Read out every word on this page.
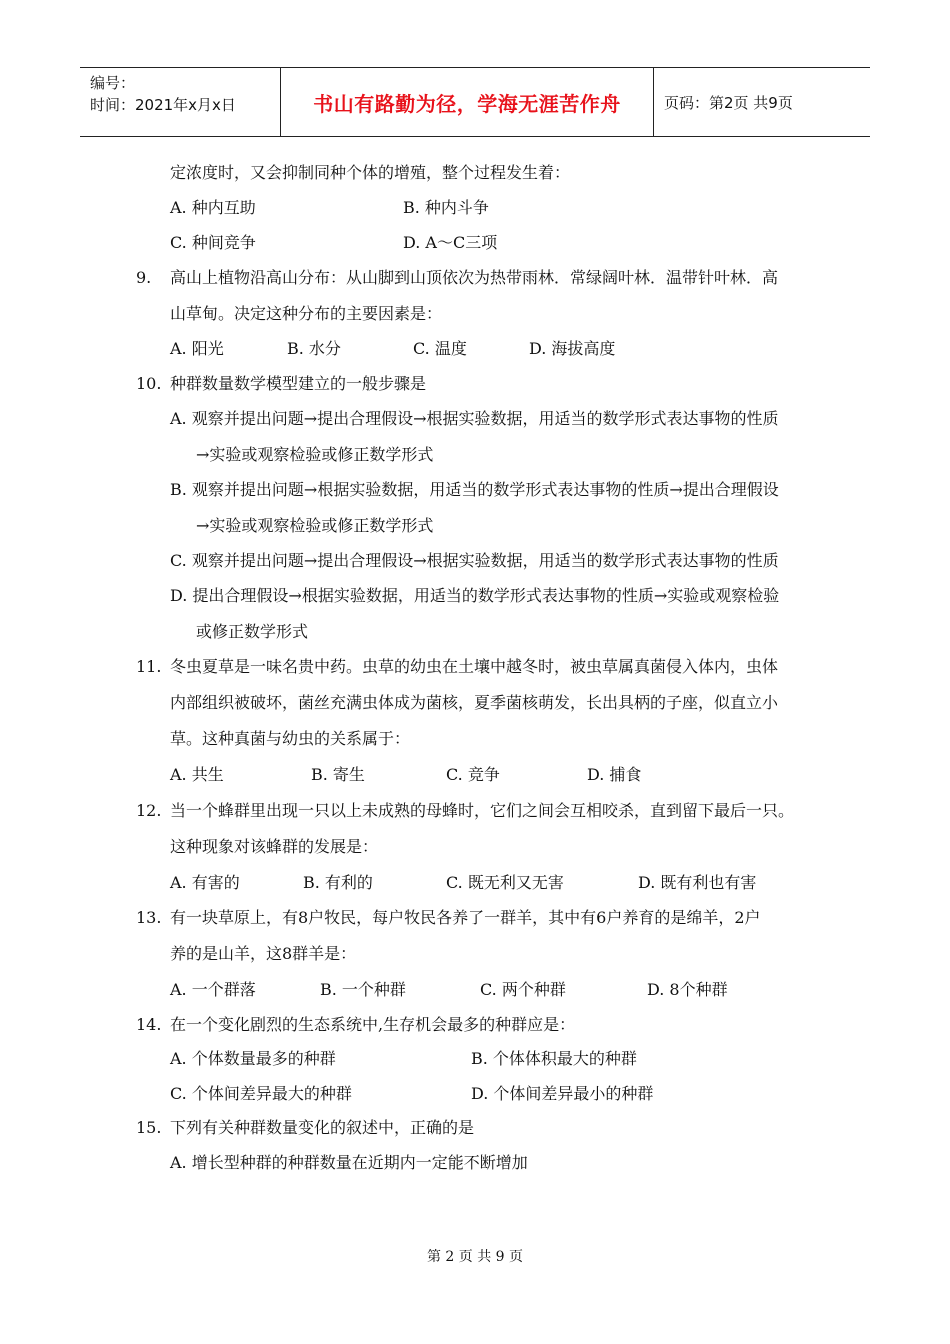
编号：
时间：2021年x月x日	书山有路勤为径，学海无涯苦作舟	页码：第2页 共9页
定浓度时，又会抑制同种个体的增殖，整个过程发生着：
A. 种内互助	B. 种内斗争
C. 种间竞争	D. A～C三项
9. 高山上植物沿高山分布：从山脚到山顶依次为热带雨林．常绿阔叶林．温带针叶林．高
山草甸。决定这种分布的主要因素是：
A. 阳光	B. 水分	C. 温度	D. 海拔高度
10. 种群数量数学模型建立的一般步骤是
A. 观察并提出问题→提出合理假设→根据实验数据，用适当的数学形式表达事物的性质
→实验或观察检验或修正数学形式
B. 观察并提出问题→根据实验数据，用适当的数学形式表达事物的性质→提出合理假设
→实验或观察检验或修正数学形式
C. 观察并提出问题→提出合理假设→根据实验数据，用适当的数学形式表达事物的性质
D. 提出合理假设→根据实验数据，用适当的数学形式表达事物的性质→实验或观察检验
或修正数学形式
11. 冬虫夏草是一味名贵中药。虫草的幼虫在土壤中越冬时，被虫草属真菌侵入体内，虫体
内部组织被破坏，菌丝充满虫体成为菌核，夏季菌核萌发，长出具柄的子座，似直立小
草。这种真菌与幼虫的关系属于：
A. 共生	B. 寄生	C. 竞争	D. 捕食
12. 当一个蜂群里出现一只以上未成熟的母蜂时，它们之间会互相咬杀，直到留下最后一只。
这种现象对该蜂群的发展是：
A. 有害的	B. 有利的	C. 既无利又无害	D. 既有利也有害
13. 有一块草原上，有8户牧民，每户牧民各养了一群羊，其中有6户养育的是绵羊，2户
养的是山羊，这8群羊是：
A. 一个群落	B. 一个种群	C. 两个种群	D. 8个种群
14. 在一个变化剧烈的生态系统中,生存机会最多的种群应是：
A. 个体数量最多的种群	B. 个体体积最大的种群
C. 个体间差异最大的种群	D. 个体间差异最小的种群
15. 下列有关种群数量变化的叙述中，正确的是
A. 增长型种群的种群数量在近期内一定能不断增加
第 2 页 共 9 页
